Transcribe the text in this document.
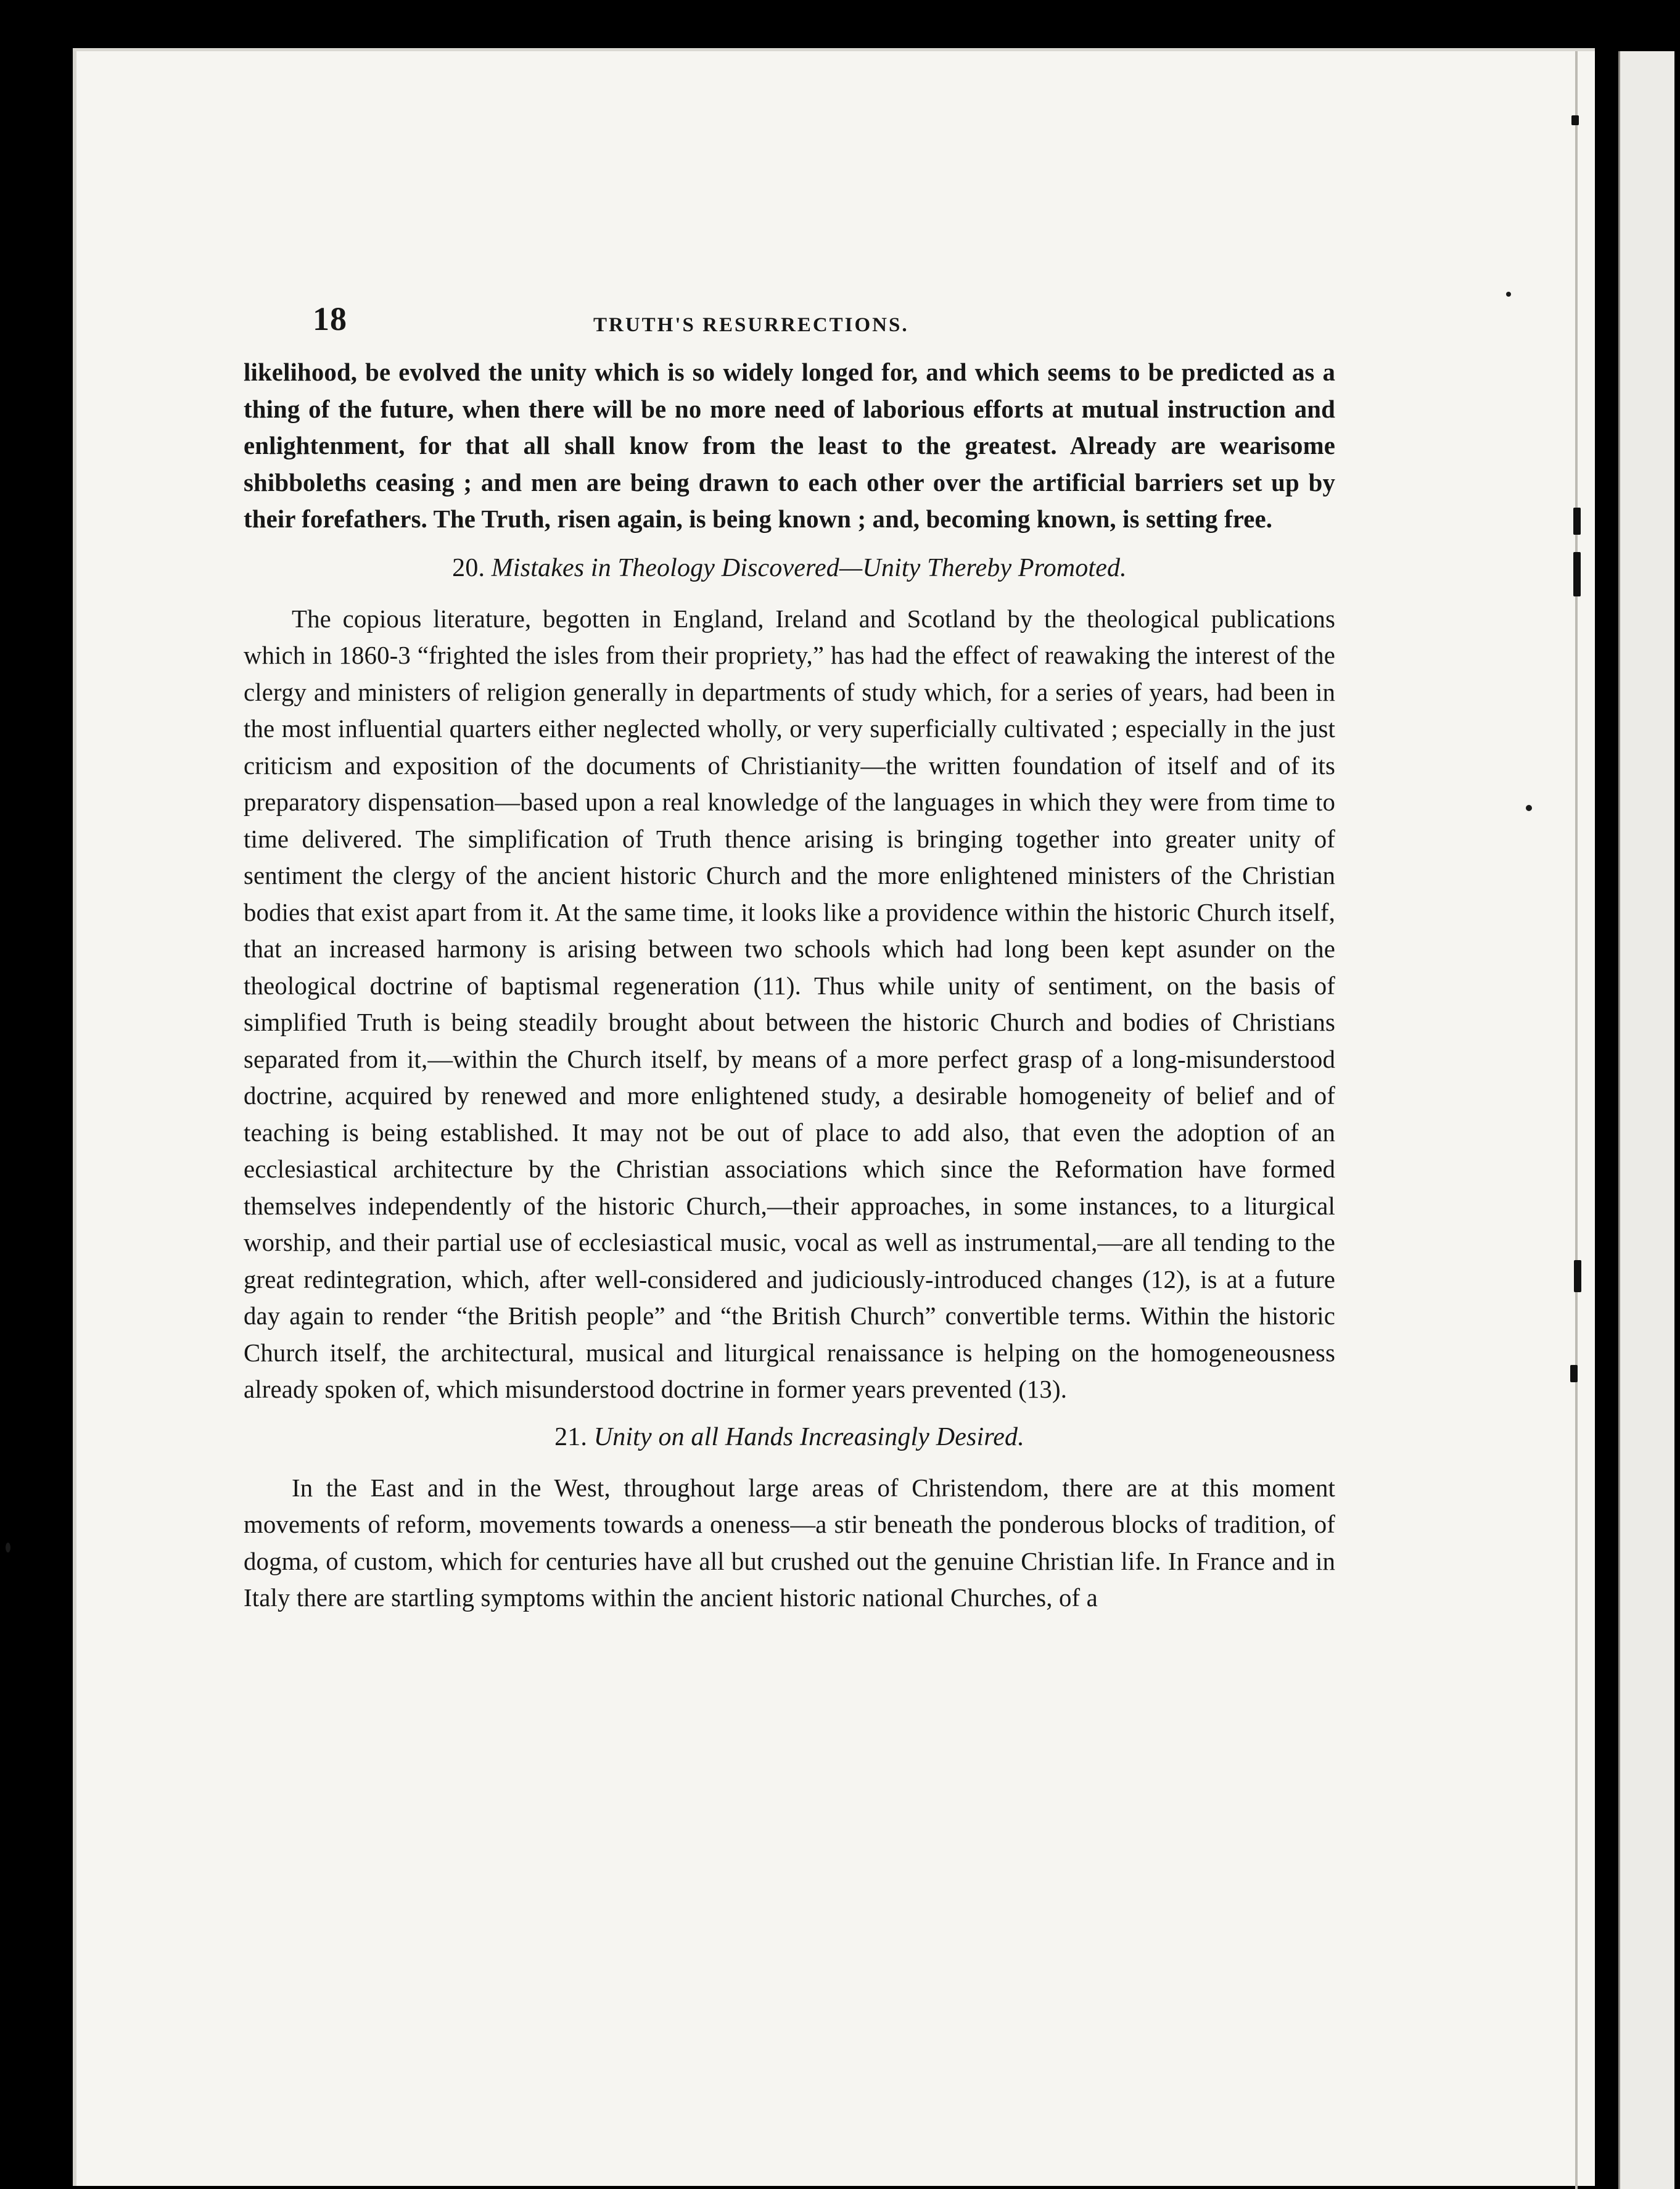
18	TRUTH'S RESURRECTIONS.

likelihood, be evolved the unity which is so widely longed for, and which seems to be predicted as a thing of the future, when there will be no more need of laborious efforts at mutual instruction and enlightenment, for that all shall know from the least to the greatest. Already are wearisome shibboleths ceasing ; and men are being drawn to each other over the artificial barriers set up by their forefathers. The Truth, risen again, is being known ; and, becoming known, is setting free.

20. Mistakes in Theology Discovered—Unity Thereby Promoted.

The copious literature, begotten in England, Ireland and Scotland by the theological publications which in 1860-3 “frighted the isles from their propriety,” has had the effect of reawaking the interest of the clergy and ministers of religion generally in departments of study which, for a series of years, had been in the most influential quarters either neglected wholly, or very superficially cultivated ; especially in the just criticism and exposition of the documents of Christianity—the written foundation of itself and of its preparatory dispensation—based upon a real knowledge of the languages in which they were from time to time delivered. The simplification of Truth thence arising is bringing together into greater unity of sentiment the clergy of the ancient historic Church and the more enlightened ministers of the Christian bodies that exist apart from it. At the same time, it looks like a providence within the historic Church itself, that an increased harmony is arising between two schools which had long been kept asunder on the theological doctrine of baptismal regeneration (11). Thus while unity of sentiment, on the basis of simplified Truth is being steadily brought about between the historic Church and bodies of Christians separated from it,—within the Church itself, by means of a more perfect grasp of a long-misunderstood doctrine, acquired by renewed and more enlightened study, a desirable homogeneity of belief and of teaching is being established. It may not be out of place to add also, that even the adoption of an ecclesiastical architecture by the Christian associations which since the Reformation have formed themselves independently of the historic Church,—their approaches, in some instances, to a liturgical worship, and their partial use of ecclesiastical music, vocal as well as instrumental,—are all tending to the great redintegration, which, after well-considered and judiciously-introduced changes (12), is at a future day again to render “the British people” and “the British Church” convertible terms. Within the historic Church itself, the architectural, musical and liturgical renaissance is helping on the homogeneousness already spoken of, which misunderstood doctrine in former years prevented (13).

21. Unity on all Hands Increasingly Desired.

In the East and in the West, throughout large areas of Christendom, there are at this moment movements of reform, movements towards a oneness—a stir beneath the ponderous blocks of tradition, of dogma, of custom, which for centuries have all but crushed out the genuine Christian life. In France and in Italy there are startling symptoms within the ancient historic national Churches, of a
